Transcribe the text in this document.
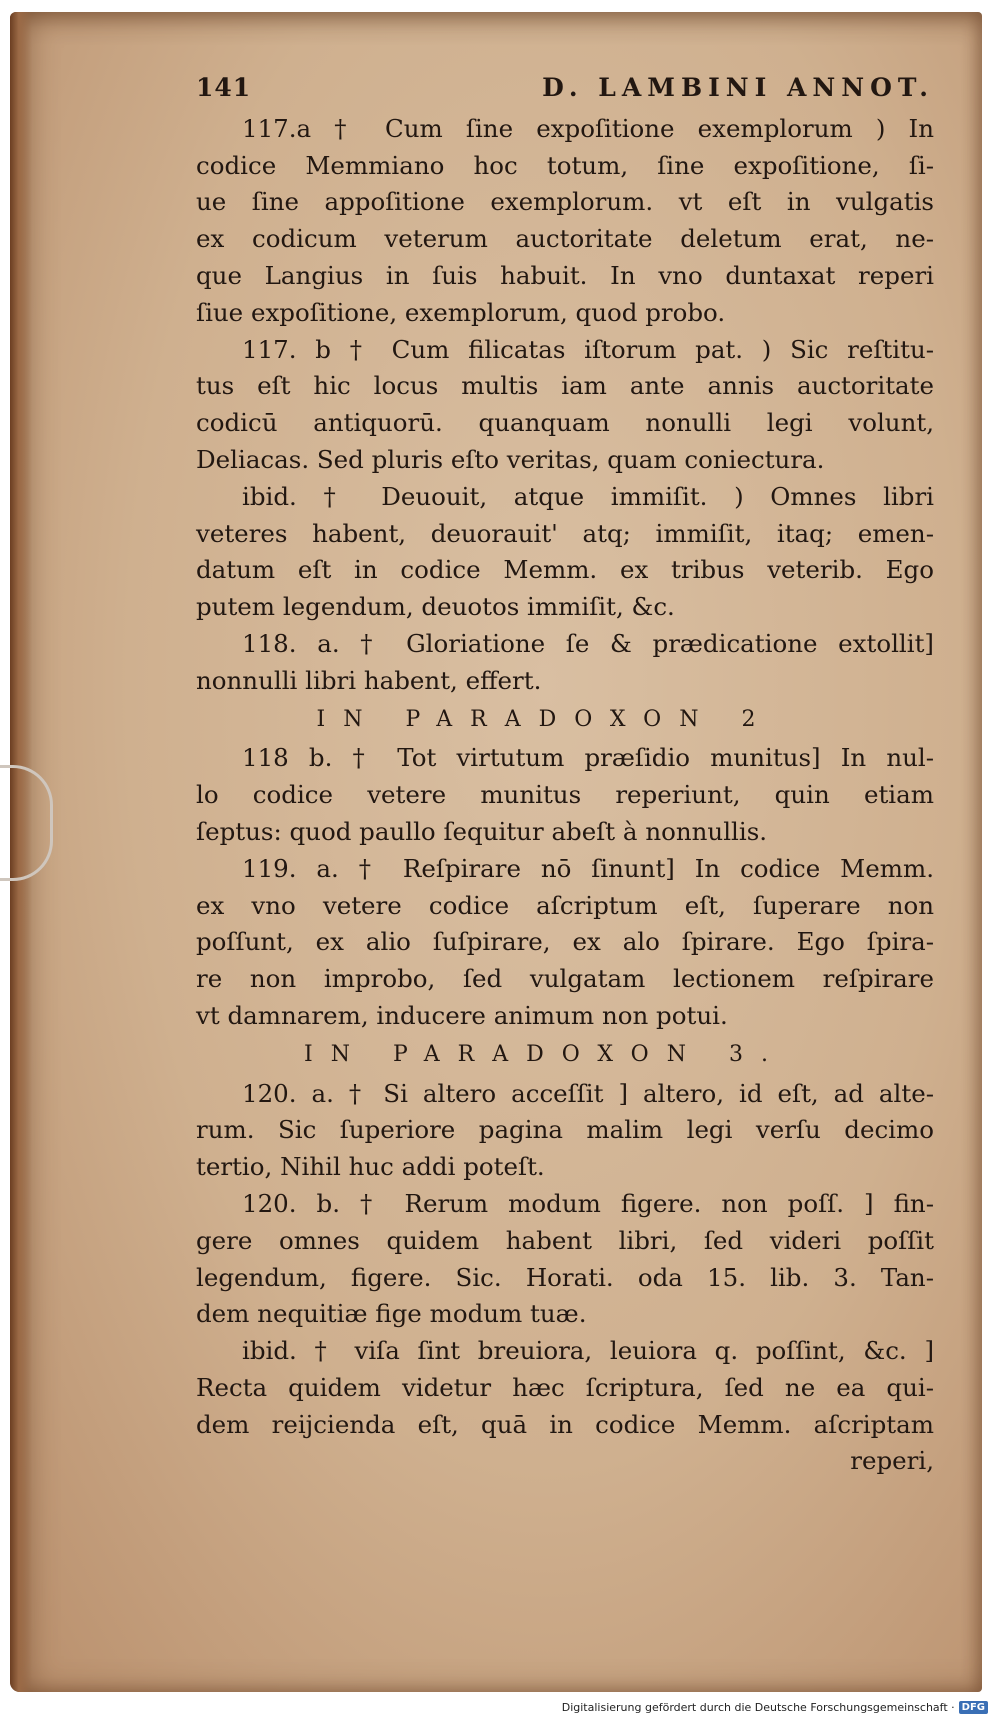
141	D. LAMBINI ANNOT.
117.a † Cum ſine expoſitione exemplorum ) In
codice Memmiano hoc totum, ſine expoſitione, ſi-
ue ſine appoſitione exemplorum. vt eſt in vulgatis
ex codicum veterum auctoritate deletum erat, ne-
que Langius in ſuis habuit. In vno duntaxat reperi
ſiue expoſitione, exemplorum, quod probo.
117. b † Cum filicatas iſtorum pat. ) Sic reſtitu-
tus eſt hic locus multis iam ante annis auctoritate
codicū antiquorū. quanquam nonulli legi volunt,
Deliacas. Sed pluris eſto veritas, quam coniectura.
ibid. † Deuouit, atque immiſit. ) Omnes libri
veteres habent, deuorauit' atq; immiſit, itaq; emen-
datum eſt in codice Memm. ex tribus veterib. Ego
putem legendum, deuotos immiſit, &c.
118. a. † Gloriatione ſe & prædicatione extollit]
nonnulli libri habent, effert.
IN PARADOXON 2
118 b. † Tot virtutum præſidio munitus] In nul-
lo codice vetere munitus reperiunt, quin etiam
ſeptus: quod paullo ſequitur abeſt à nonnullis.
119. a. † Reſpirare nō ſinunt] In codice Memm.
ex vno vetere codice aſcriptum eſt, ſuperare non
poſſunt, ex alio ſuſpirare, ex alo ſpirare. Ego ſpira-
re non improbo, ſed vulgatam lectionem reſpirare
vt damnarem, inducere animum non potui.
IN PARADOXON 3.
120. a. † Si altero acceſſit ] altero, id eſt, ad alte-
rum. Sic ſuperiore pagina malim legi verſu decimo
tertio, Nihil huc addi poteſt.
120. b. † Rerum modum figere. non poſſ. ] fin-
gere omnes quidem habent libri, ſed videri poſſit
legendum, figere. Sic. Horati. oda 15. lib. 3. Tan-
dem nequitiæ fige modum tuæ.
ibid. † viſa ſint breuiora, leuiora q. poſſint, &c. ]
Recta quidem videtur hæc ſcriptura, ſed ne ea qui-
dem reijcienda eſt, quā in codice Memm. aſcriptam
reperi,
Digitalisierung gefördert durch die Deutsche Forschungsgemeinschaft · DFG
